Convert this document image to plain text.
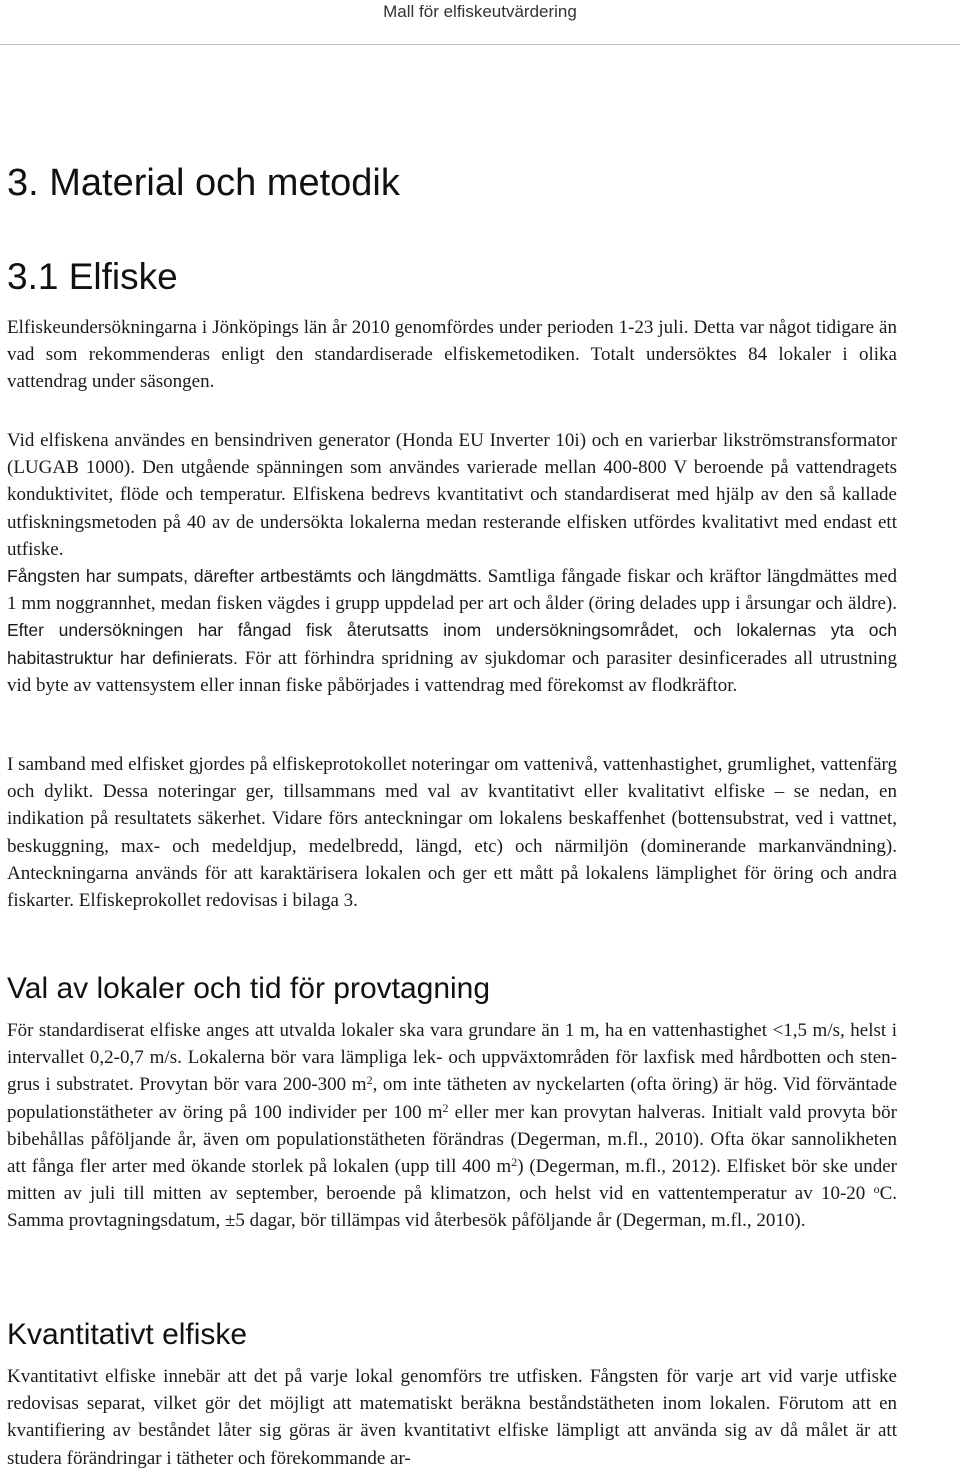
Mall för elfiskeutvärdering
3. Material och metodik
3.1 Elfiske

Elfiskeundersökningarna i Jönköpings län år 2010 genomfördes under perioden 1-23 juli. Detta var något tidigare än vad som rekommenderas enligt den standardiserade elfiskemetodiken. Totalt undersöktes 84 lokaler i olika vattendrag under säsongen.

Vid elfiskena användes en bensindriven generator (Honda EU Inverter 10i) och en varierbar likströmstransformator (LUGAB 1000). Den utgående spänningen som användes varierade mellan 400-800 V beroende på vattendragets konduktivitet, flöde och temperatur. Elfiskena bedrevs kvantitativt och standardiserat med hjälp av den så kallade utfiskningsmetoden på 40 av de undersökta lokalerna medan resterande elfisken utfördes kvalitativt med endast ett utfiske.

Fångsten har sumpats, därefter artbestämts och längdmätts. Samtliga fångade fiskar och kräftor längdmättes med 1 mm noggrannhet, medan fisken vägdes i grupp uppdelad per art och ålder (öring delades upp i årsungar och äldre). Efter undersökningen har fångad fisk återutsatts inom undersökningsområdet, och lokalernas yta och habitastruktur har definierats. För att förhindra spridning av sjukdomar och parasiter desinficerades all utrustning vid byte av vattensystem eller innan fiske påbörjades i vattendrag med förekomst av flodkräftor.

I samband med elfisket gjordes på elfiskeprotokollet noteringar om vattenivå, vattenhastighet, grumlighet, vattenfärg och dylikt. Dessa noteringar ger, tillsammans med val av kvantitativt eller kvalitativt elfiske – se nedan, en indikation på resultatets säkerhet. Vidare förs anteckningar om lokalens beskaffenhet (bottensubstrat, ved i vattnet, beskuggning, max- och medeldjup, medelbredd, längd, etc) och närmiljön (dominerande markanvändning). Anteckningarna används för att karaktärisera lokalen och ger ett mått på lokalens lämplighet för öring och andra fiskarter. Elfiskeprokollet redovisas i bilaga 3.

Val av lokaler och tid för provtagning

För standardiserat elfiske anges att utvalda lokaler ska vara grundare än 1 m, ha en vattenhastighet <1,5 m/s, helst i intervallet 0,2-0,7 m/s. Lokalerna bör vara lämpliga lek- och uppväxtområden för laxfisk med hårdbotten och sten-grus i substratet. Provytan bör vara 200-300 $m^2$, om inte tätheten av nyckelarten (ofta öring) är hög. Vid förväntade populationstätheter av öring på 100 individer per 100 $m^2$ eller mer kan provytan halveras. Initialt vald provyta bör bibehållas påföljande år, även om populationstätheten förändras (Degerman, m.fl., 2010). Ofta ökar sannolikheten att fånga fler arter med ökande storlek på lokalen (upp till 400 $m^2$) (Degerman, m.fl., 2012). Elfisket bör ske under mitten av juli till mitten av september, beroende på klimatzon, och helst vid en vattentemperatur av 10-20 $^o$C. Samma provtagningsdatum, ±5 dagar, bör tillämpas vid återbesök påföljande år (Degerman, m.fl., 2010).

Kvantitativt elfiske

Kvantitativt elfiske innebär att det på varje lokal genomförs tre utfisken. Fångsten för varje art vid varje utfiske redovisas separat, vilket gör det möjligt att matematiskt beräkna beståndstätheten inom lokalen. Förutom att en kvantifiering av beståndet låter sig göras är även kvantitativt elfiske lämpligt att använda sig av då målet är att studera förändringar i tätheter och förekommande ar-
